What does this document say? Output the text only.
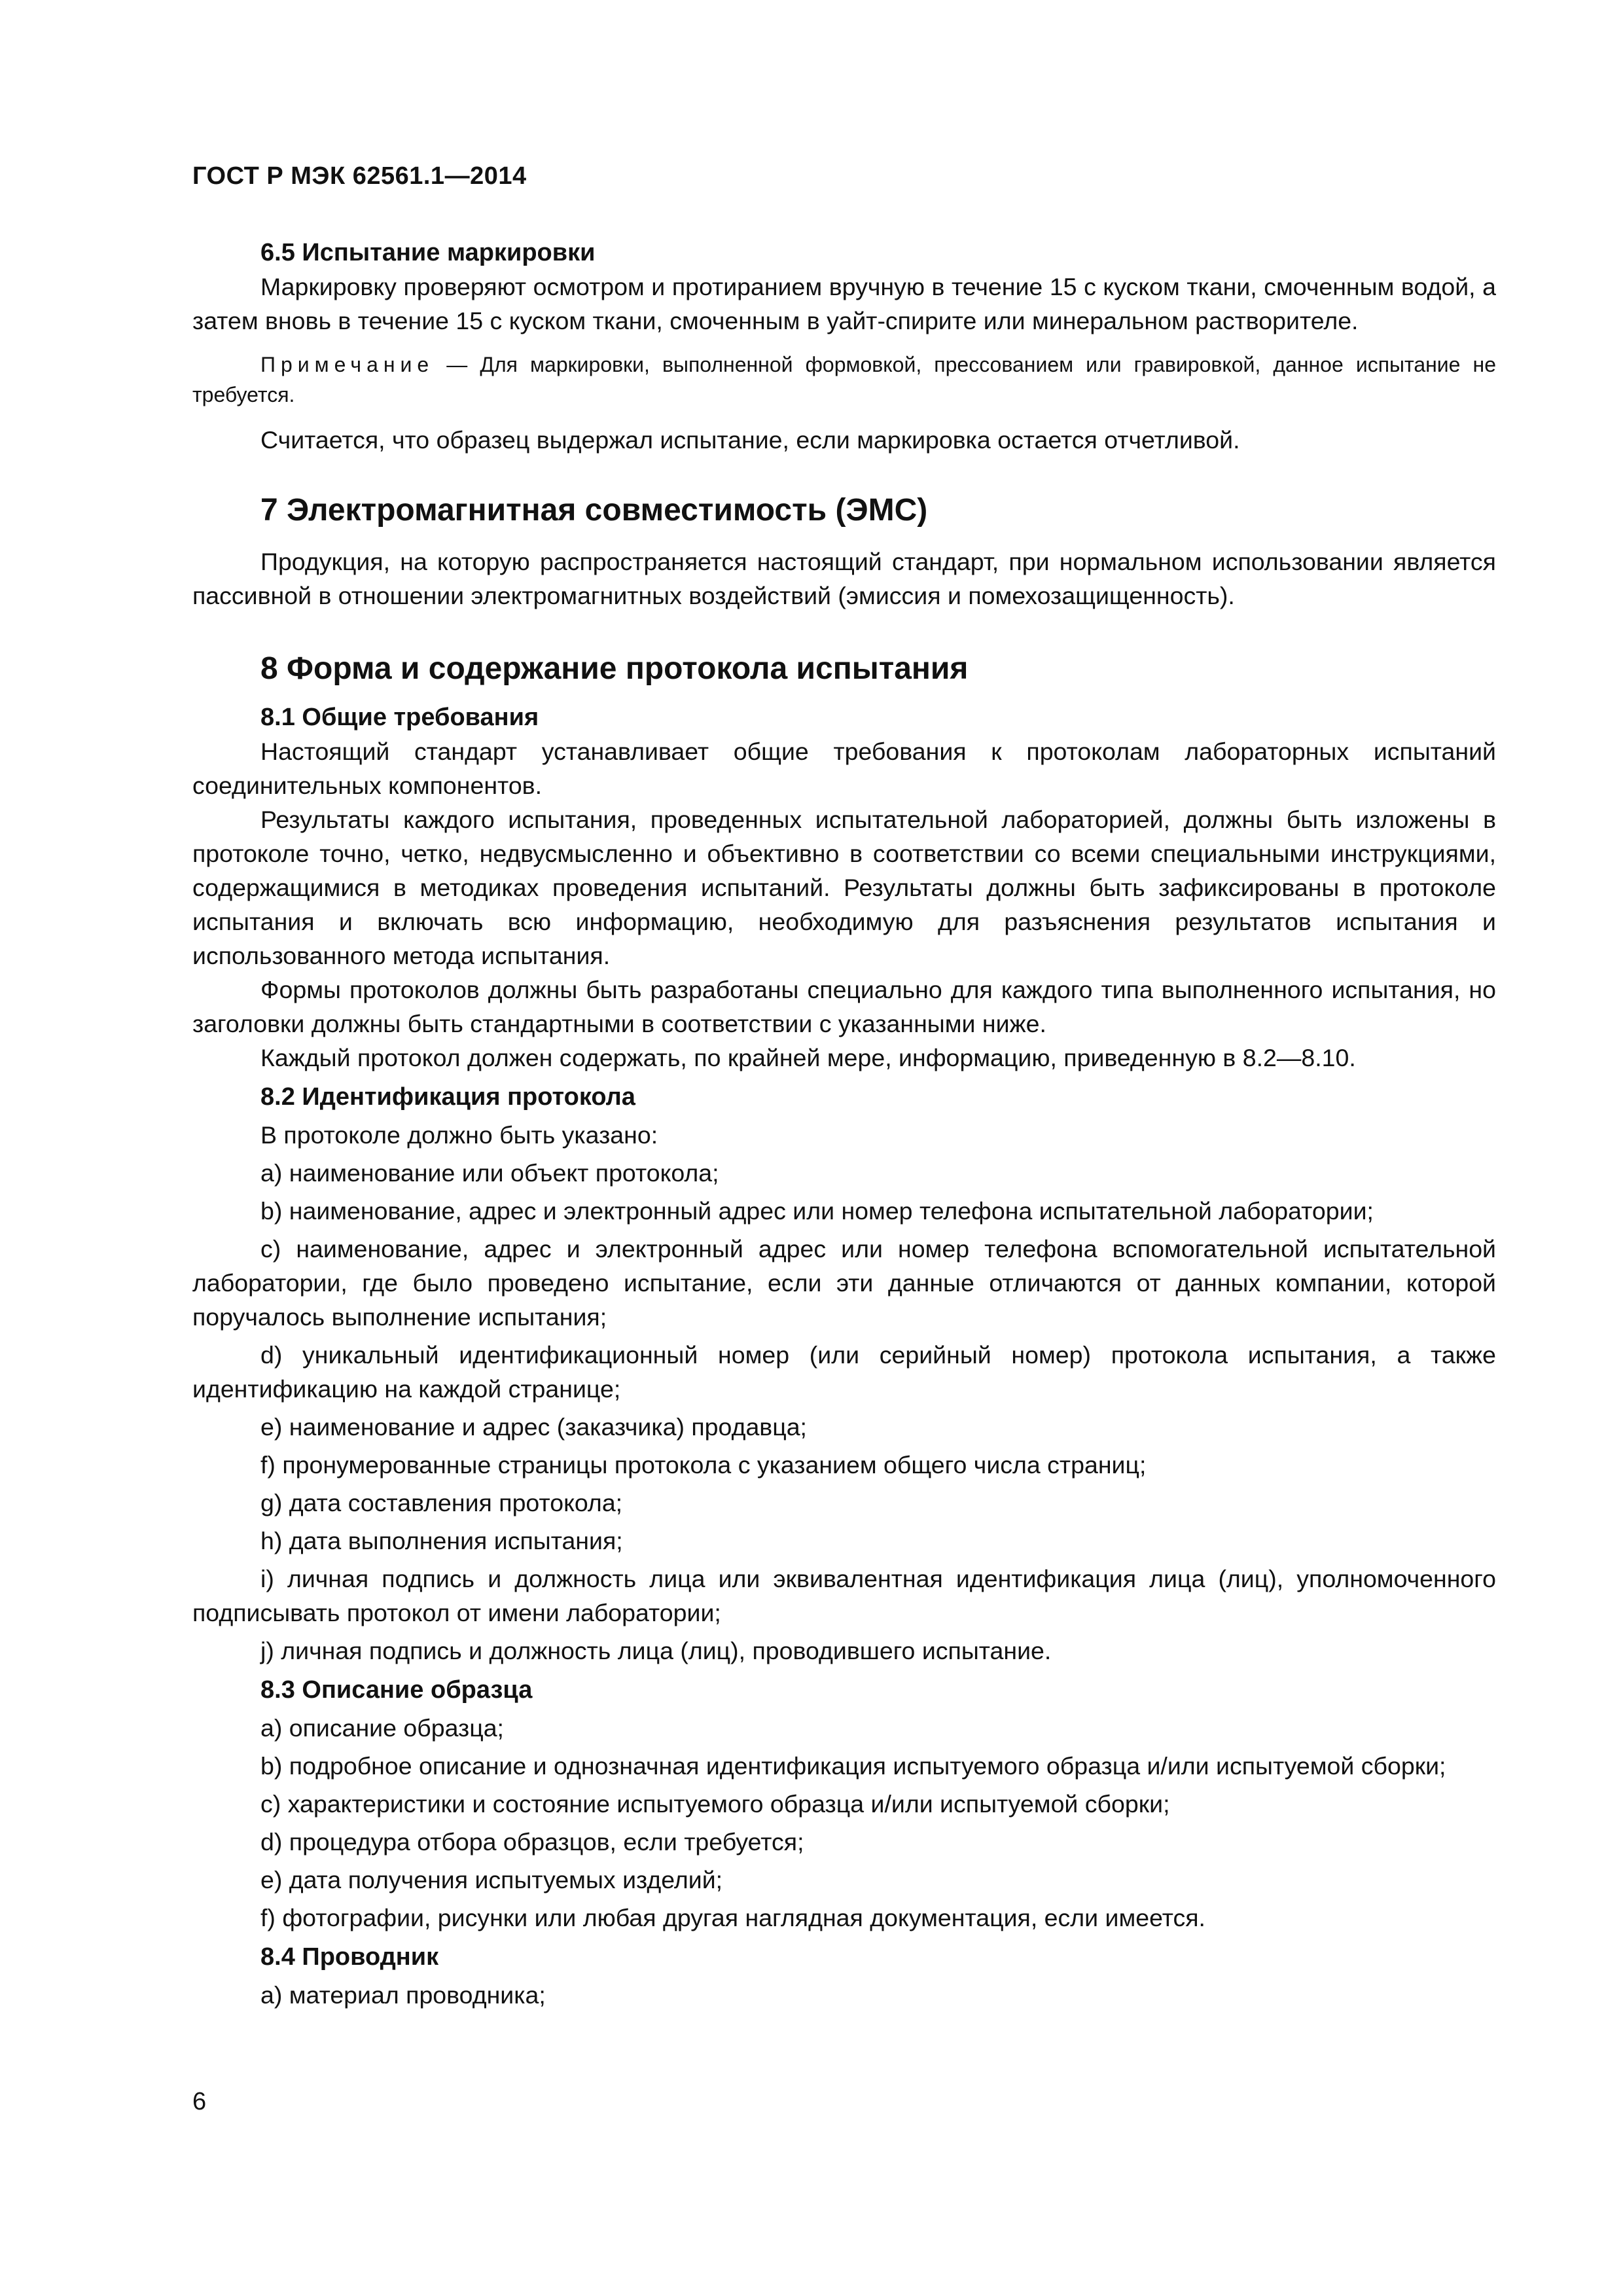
ГОСТ Р МЭК 62561.1—2014
6.5 Испытание маркировки

Маркировку проверяют осмотром и протиранием вручную в течение 15 с куском ткани, смоченным водой, а затем вновь в течение 15 с куском ткани, смоченным в уайт-спирите или минеральном растворителе.

Примечание — Для маркировки, выполненной формовкой, прессованием или гравировкой, данное испытание не требуется.

Считается, что образец выдержал испытание, если маркировка остается отчетливой.

7 Электромагнитная совместимость (ЭМС)

Продукция, на которую распространяется настоящий стандарт, при нормальном использовании является пассивной в отношении электромагнитных воздействий (эмиссия и помехозащищенность).

8 Форма и содержание протокола испытания
8.1 Общие требования

Настоящий стандарт устанавливает общие требования к протоколам лабораторных испытаний соединительных компонентов.

Результаты каждого испытания, проведенных испытательной лабораторией, должны быть изложены в протоколе точно, четко, недвусмысленно и объективно в соответствии со всеми специальными инструкциями, содержащимися в методиках проведения испытаний. Результаты должны быть зафиксированы в протоколе испытания и включать всю информацию, необходимую для разъяснения результатов испытания и использованного метода испытания.

Формы протоколов должны быть разработаны специально для каждого типа выполненного испытания, но заголовки должны быть стандартными в соответствии с указанными ниже.

Каждый протокол должен содержать, по крайней мере, информацию, приведенную в 8.2—8.10.

8.2 Идентификация протокола

В протоколе должно быть указано:

a) наименование или объект протокола;

b) наименование, адрес и электронный адрес или номер телефона испытательной лаборатории;

c) наименование, адрес и электронный адрес или номер телефона вспомогательной испытательной лаборатории, где было проведено испытание, если эти данные отличаются от данных компании, которой поручалось выполнение испытания;

d) уникальный идентификационный номер (или серийный номер) протокола испытания, а также идентификацию на каждой странице;

e) наименование и адрес (заказчика) продавца;

f) пронумерованные страницы протокола с указанием общего числа страниц;

g) дата составления протокола;

h) дата выполнения испытания;

i) личная подпись и должность лица или эквивалентная идентификация лица (лиц), уполномоченного подписывать протокол от имени лаборатории;

j) личная подпись и должность лица (лиц), проводившего испытание.

8.3 Описание образца

a) описание образца;

b) подробное описание и однозначная идентификация испытуемого образца и/или испытуемой сборки;

c) характеристики и состояние испытуемого образца и/или испытуемой сборки;

d) процедура отбора образцов, если требуется;

e) дата получения испытуемых изделий;

f) фотографии, рисунки или любая другая наглядная документация, если имеется.

8.4 Проводник

a) материал проводника;

6
